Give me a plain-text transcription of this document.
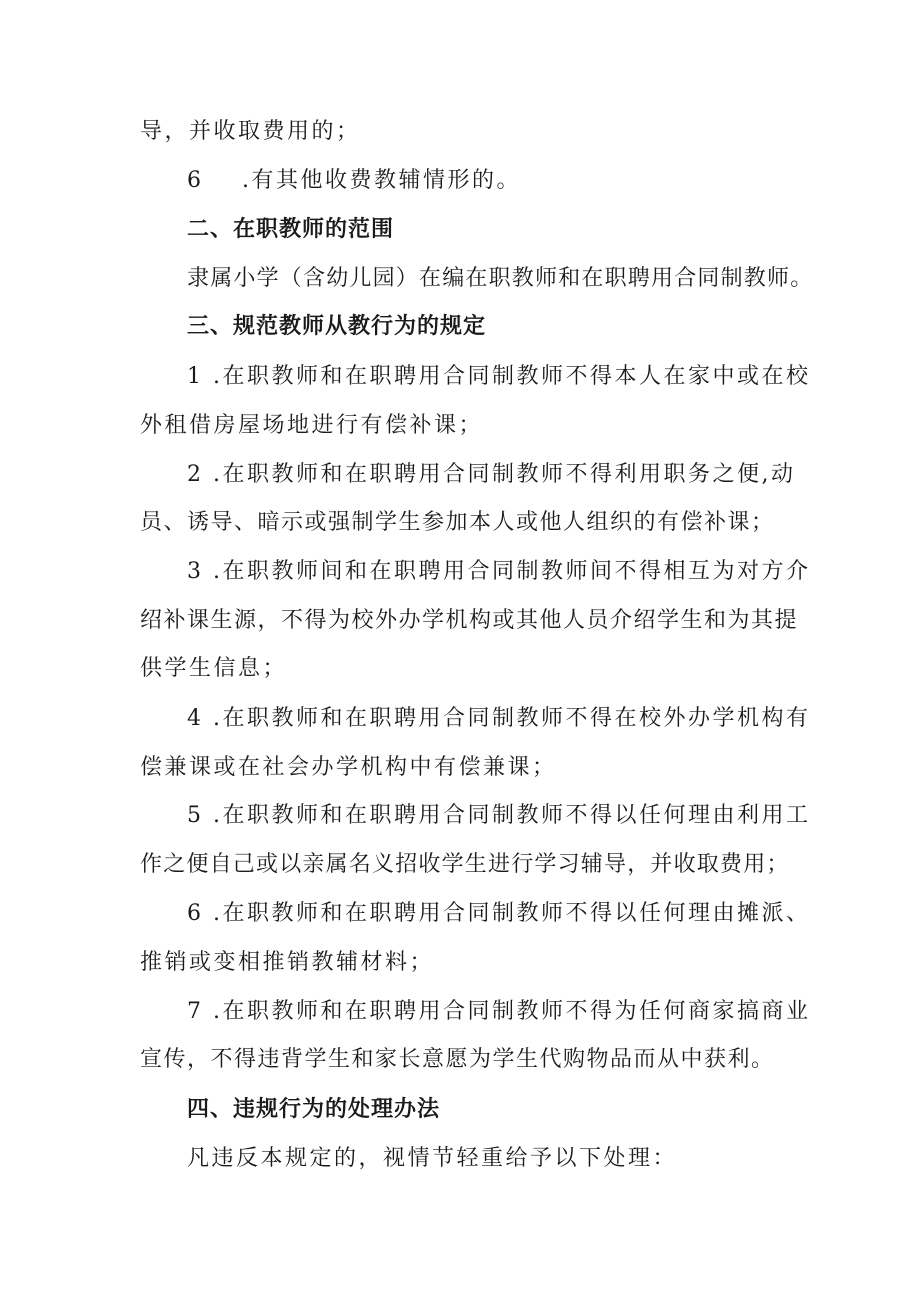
导，并收取费用的；
6 .有其他收费教辅情形的。
二、在职教师的范围
隶属小学（含幼儿园）在编在职教师和在职聘用合同制教师。
三、规范教师从教行为的规定
1 .在职教师和在职聘用合同制教师不得本人在家中或在校
外租借房屋场地进行有偿补课；
2 .在职教师和在职聘用合同制教师不得利用职务之便,动
员、诱导、暗示或强制学生参加本人或他人组织的有偿补课；
3 .在职教师间和在职聘用合同制教师间不得相互为对方介
绍补课生源，不得为校外办学机构或其他人员介绍学生和为其提
供学生信息；
4 .在职教师和在职聘用合同制教师不得在校外办学机构有
偿兼课或在社会办学机构中有偿兼课；
5 .在职教师和在职聘用合同制教师不得以任何理由利用工
作之便自己或以亲属名义招收学生进行学习辅导，并收取费用；
6 .在职教师和在职聘用合同制教师不得以任何理由摊派、
推销或变相推销教辅材料；
7 .在职教师和在职聘用合同制教师不得为任何商家搞商业
宣传，不得违背学生和家长意愿为学生代购物品而从中获利。
四、违规行为的处理办法
凡违反本规定的，视情节轻重给予以下处理：
